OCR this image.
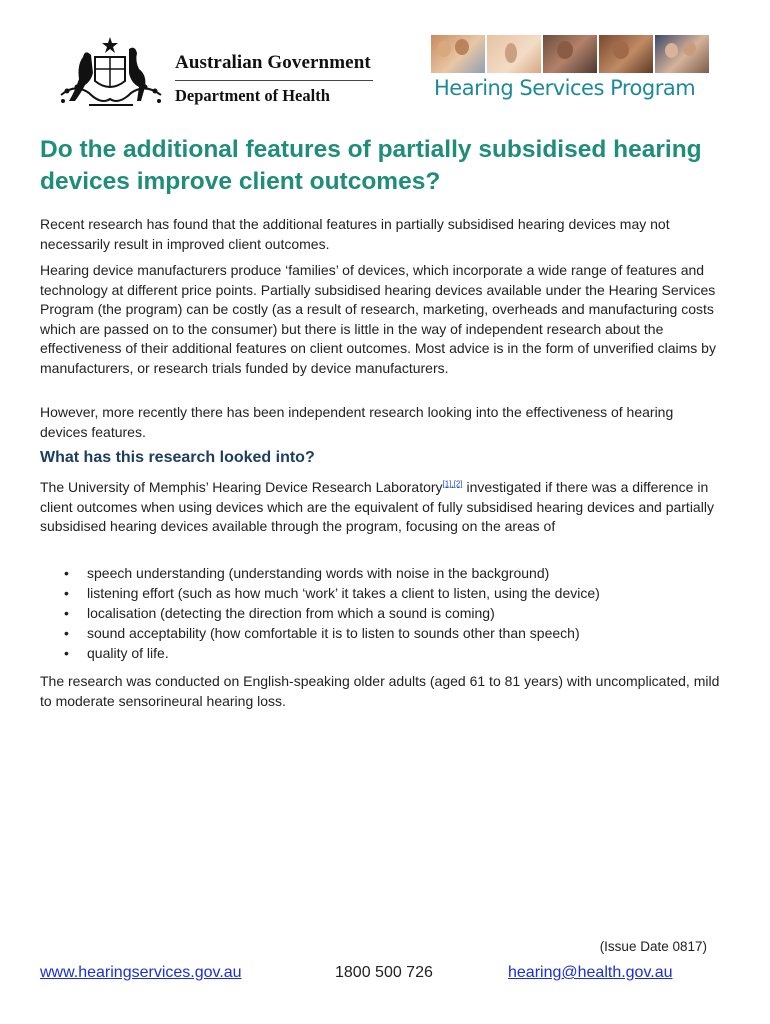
Australian Government
Department of Health	Hearing Services Program
Do the additional features of partially subsidised hearing devices improve client outcomes?

Recent research has found that the additional features in partially subsidised hearing devices may not necessarily result in improved client outcomes.

Hearing device manufacturers produce ‘families’ of devices, which incorporate a wide range of features and technology at different price points. Partially subsidised hearing devices available under the Hearing Services Program (the program) can be costly (as a result of research, marketing, overheads and manufacturing costs which are passed on to the consumer) but there is little in the way of independent research about the effectiveness of their additional features on client outcomes. Most advice is in the form of unverified claims by manufacturers, or research trials funded by device manufacturers.

However, more recently there has been independent research looking into the effectiveness of hearing devices features.

What has this research looked into?

The University of Memphis’ Hearing Device Research Laboratory[1],[2] investigated if there was a difference in client outcomes when using devices which are the equivalent of fully subsidised hearing devices and partially subsidised hearing devices available through the program, focusing on the areas of

• speech understanding (understanding words with noise in the background)
• listening effort (such as how much ‘work’ it takes a client to listen, using the device)
• localisation (detecting the direction from which a sound is coming)
• sound acceptability (how comfortable it is to listen to sounds other than speech)
• quality of life.

The research was conducted on English-speaking older adults (aged 61 to 81 years) with uncomplicated, mild to moderate sensorineural hearing loss.

(Issue Date 0817)
www.hearingservices.gov.au	1800 500 726	hearing@health.gov.au
